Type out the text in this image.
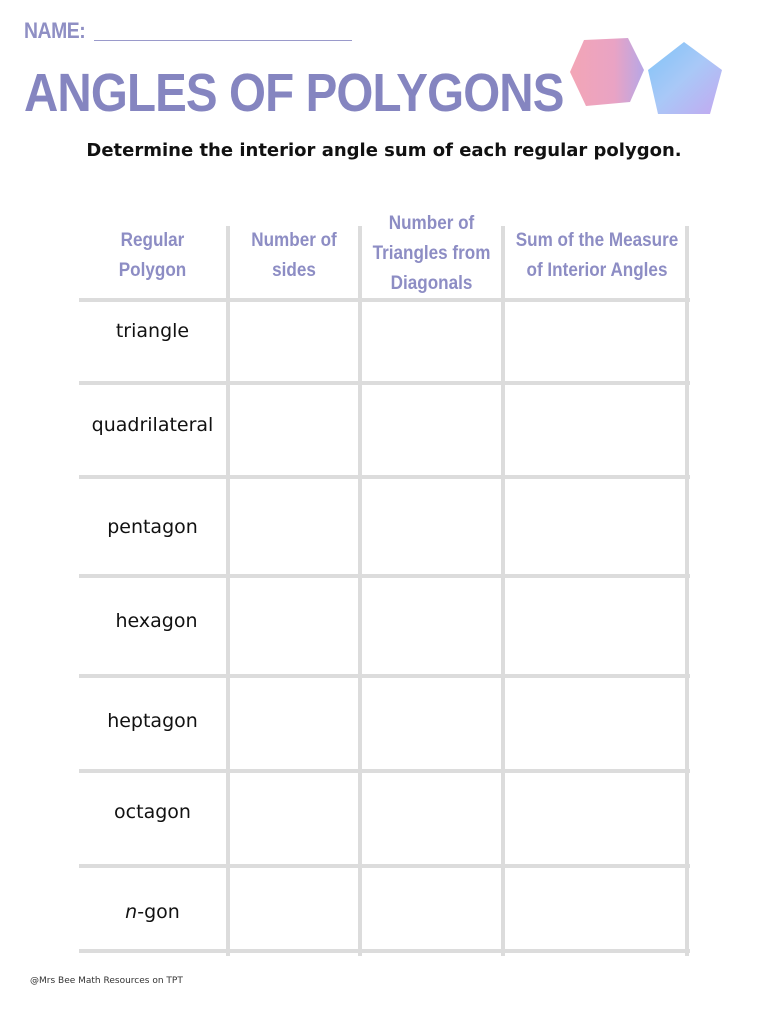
NAME:
ANGLES OF POLYGONS
Determine the interior angle sum of each regular polygon.
Regular
Polygon
Number of
sides
Number of
Triangles from
Diagonals
Sum of the Measure
of Interior Angles
triangle
quadrilateral
pentagon
hexagon
heptagon
octagon
n-gon
@Mrs Bee Math Resources on TPT
